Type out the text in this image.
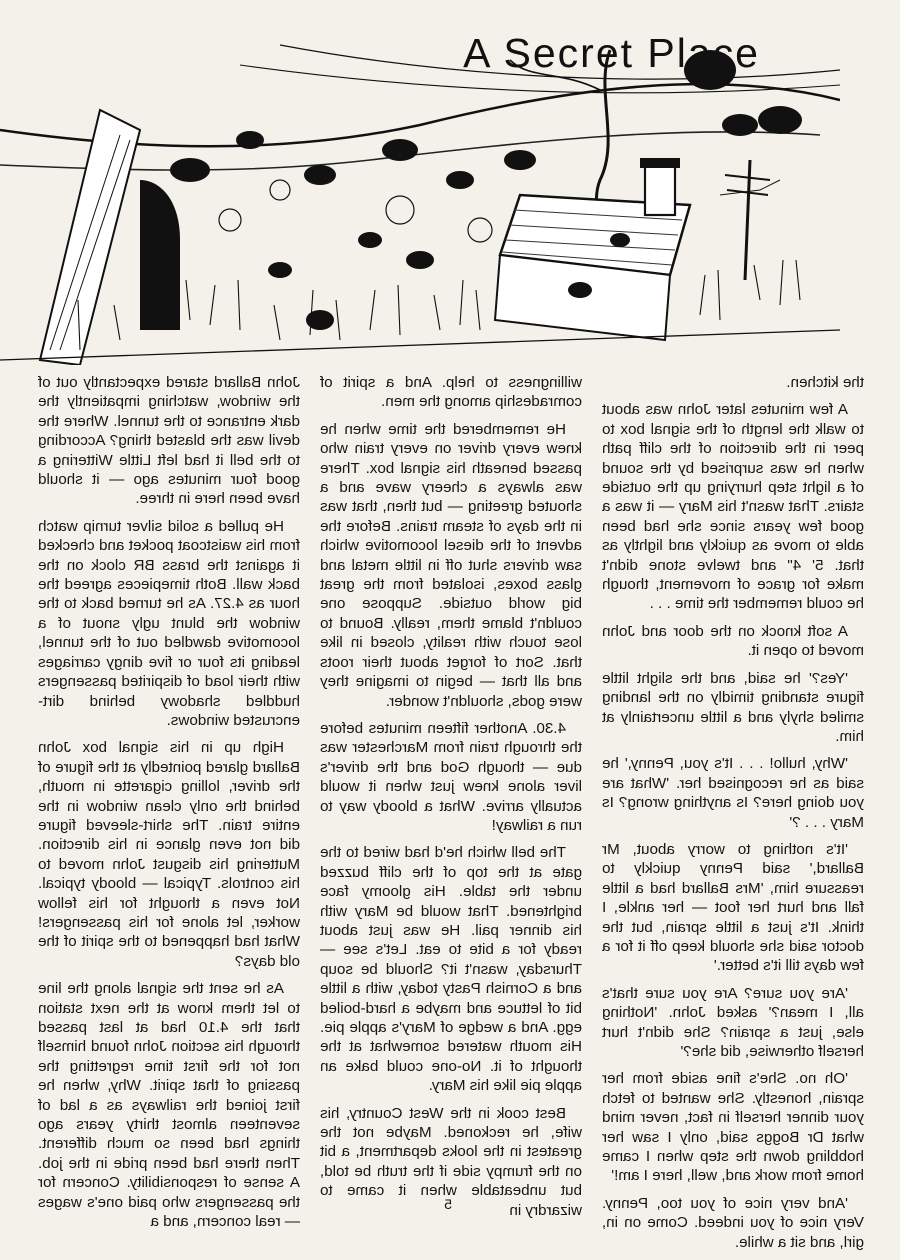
A Secret Place

John Ballard stared expectantly out of the window, watching impatiently the dark entrance to the tunnel. Where the devil was the blasted thing? According to the bell it had left Little Wittering a good four minutes ago — it should have been here in three.

He pulled a solid silver turnip watch from his waistcoat pocket and checked it against the brass BR clock on the back wall. Both timepieces agreed the hour as 4.27. As he turned back to the window the blunt ugly snout of a locomotive dawdled out of the tunnel, leading its four or five dingy carriages with their load of dispirited passengers huddled shadowy behind dirt-encrusted windows.

High up in his signal box John Ballard glared pointedly at the figure of the driver, lolling cigarette in mouth, behind the only clean window in the entire train. The shirt-sleeved figure did not even glance in his direction. Muttering his disgust John moved to his controls. Typical — bloody typical. Not even a thought for his fellow worker, let alone for his passengers! What had happened to the spirit of the old days?

As he sent the signal along the line to let them know at the next station that the 4.10 had at last passed through his section John found himself not for the first time regretting the passing of that spirit. Why, when he first joined the railways as a lad of seventeen almost thirty years ago things had been so much different. Then there had been pride in the job. A sense of responsibility. Concern for the passengers who paid one's wages — real concern, and a

willingness to help. And a spirit of comradeship among the men.

He remembered the time when he knew every driver on every train who passed beneath his signal box. There was always a cheery wave and a shouted greeting — but then, that was in the days of steam trains. Before the advent of the diesel locomotive which saw drivers shut off in little metal and glass boxes, isolated from the great big world outside. Suppose one couldn't blame them, really. Bound to lose touch with reality, closed in like that. Sort of forget about their roots and all that — begin to imagine they were gods, shouldn't wonder.

4.30. Another fifteen minutes before the through train from Marchester was due — though God and the driver's liver alone knew just when it would actually arrive. What a bloody way to run a railway!

The bell which he'd had wired to the gate at the top of the cliff buzzed under the table. His gloomy face brightened. That would be Mary with his dinner pail. He was just about ready for a bite to eat. Let's see — Thursday, wasn't it? Should be soup and a Cornish Pasty today, with a little bit of lettuce and maybe a hard-boiled egg. And a wedge of Mary's apple pie. His mouth watered somewhat at the thought of it. No-one could bake an apple pie like his Mary.

Best cook in the West Country, his wife, he reckoned. Maybe not the greatest in the looks department, a bit on the frumpy side if the truth be told, but unbeatable when it came to wizardry in

the kitchen.

A few minutes later John was about to walk the length of the signal box to peer in the direction of the cliff path when he was surprised by the sound of a light step hurrying up the outside stairs. That wasn't his Mary — it was a good few years since she had been able to move as quickly and lightly as that. 5' 4" and twelve stone didn't make for grace of movement, though he could remember the time . . .

A soft knock on the door and John moved to open it.

'Yes?' he said, and the slight little figure standing timidly on the landing smiled shyly and a little uncertainly at him.

'Why, hullo! . . . It's you, Penny,' he said as he recognised her. 'What are you doing here? Is anything wrong? Is Mary . . . ?'

'It's nothing to worry about, Mr Ballard,' said Penny quickly to reassure him, 'Mrs Ballard had a little fall and hurt her foot — her ankle, I think. It's just a little sprain, but the doctor said she should keep off it for a few days till it's better.'

'Are you sure? Are you sure that's all, I mean?' asked John. 'Nothing else, just a sprain? She didn't hurt herself otherwise, did she?'

'Oh no. She's fine aside from her sprain, honestly. She wanted to fetch your dinner herself in fact, never mind what Dr Boggs said, only I saw her hobbling down the step when I came home from work and, well, here I am!'

'And very nice of you too, Penny. Very nice of you indeed. Come on in, girl, and sit a while.

5
